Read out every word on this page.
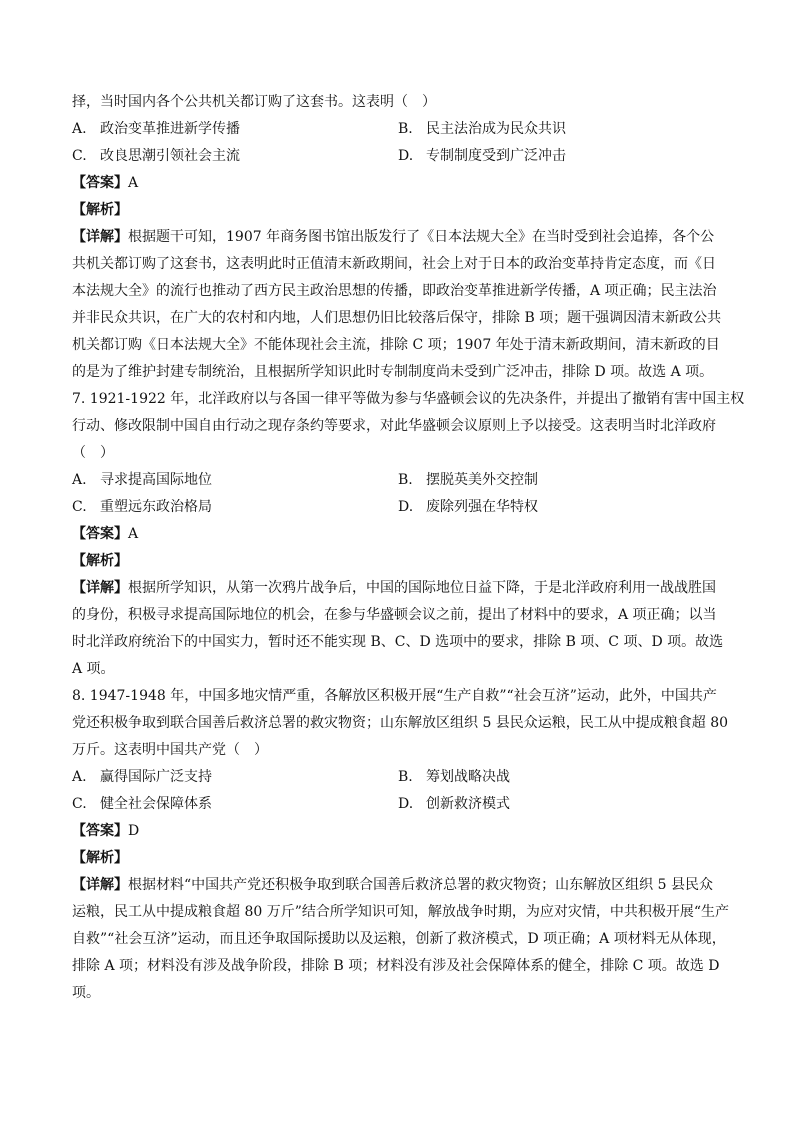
择，当时国内各个公共机关都订购了这套书。这表明（　）
A. 政治变革推进新学传播	B. 民主法治成为民众共识
C. 改良思潮引领社会主流	D. 专制制度受到广泛冲击
【答案】A
【解析】
【详解】根据题干可知，1907 年商务图书馆出版发行了《日本法规大全》在当时受到社会追捧，各个公
共机关都订购了这套书，这表明此时正值清末新政期间，社会上对于日本的政治变革持肯定态度，而《日
本法规大全》的流行也推动了西方民主政治思想的传播，即政治变革推进新学传播，A 项正确；民主法治
并非民众共识，在广大的农村和内地，人们思想仍旧比较落后保守，排除 B 项；题干强调因清末新政公共
机关都订购《日本法规大全》不能体现社会主流，排除 C 项；1907 年处于清末新政期间，清末新政的目
的是为了维护封建专制统治，且根据所学知识此时专制制度尚未受到广泛冲击，排除 D 项。故选 A 项。
7. 1921-1922 年，北洋政府以与各国一律平等做为参与华盛顿会议的先决条件，并提出了撤销有害中国主权
行动、修改限制中国自由行动之现存条约等要求，对此华盛顿会议原则上予以接受。这表明当时北洋政府
（　）
A. 寻求提高国际地位	B. 摆脱英美外交控制
C. 重塑远东政治格局	D. 废除列强在华特权
【答案】A
【解析】
【详解】根据所学知识，从第一次鸦片战争后，中国的国际地位日益下降，于是北洋政府利用一战战胜国
的身份，积极寻求提高国际地位的机会，在参与华盛顿会议之前，提出了材料中的要求，A 项正确；以当
时北洋政府统治下的中国实力，暂时还不能实现 B、C、D 选项中的要求，排除 B 项、C 项、D 项。故选
A 项。
8. 1947-1948 年，中国多地灾情严重，各解放区积极开展“生产自救”“社会互济”运动，此外，中国共产
党还积极争取到联合国善后救济总署的救灾物资；山东解放区组织 5 县民众运粮，民工从中提成粮食超 80
万斤。这表明中国共产党（　）
A. 赢得国际广泛支持	B. 筹划战略决战
C. 健全社会保障体系	D. 创新救济模式
【答案】D
【解析】
【详解】根据材料“中国共产党还积极争取到联合国善后救济总署的救灾物资；山东解放区组织 5 县民众
运粮，民工从中提成粮食超 80 万斤”结合所学知识可知，解放战争时期，为应对灾情，中共积极开展“生产
自救”“社会互济”运动，而且还争取国际援助以及运粮，创新了救济模式，D 项正确；A 项材料无从体现，
排除 A 项；材料没有涉及战争阶段，排除 B 项；材料没有涉及社会保障体系的健全，排除 C 项。故选 D
项。
